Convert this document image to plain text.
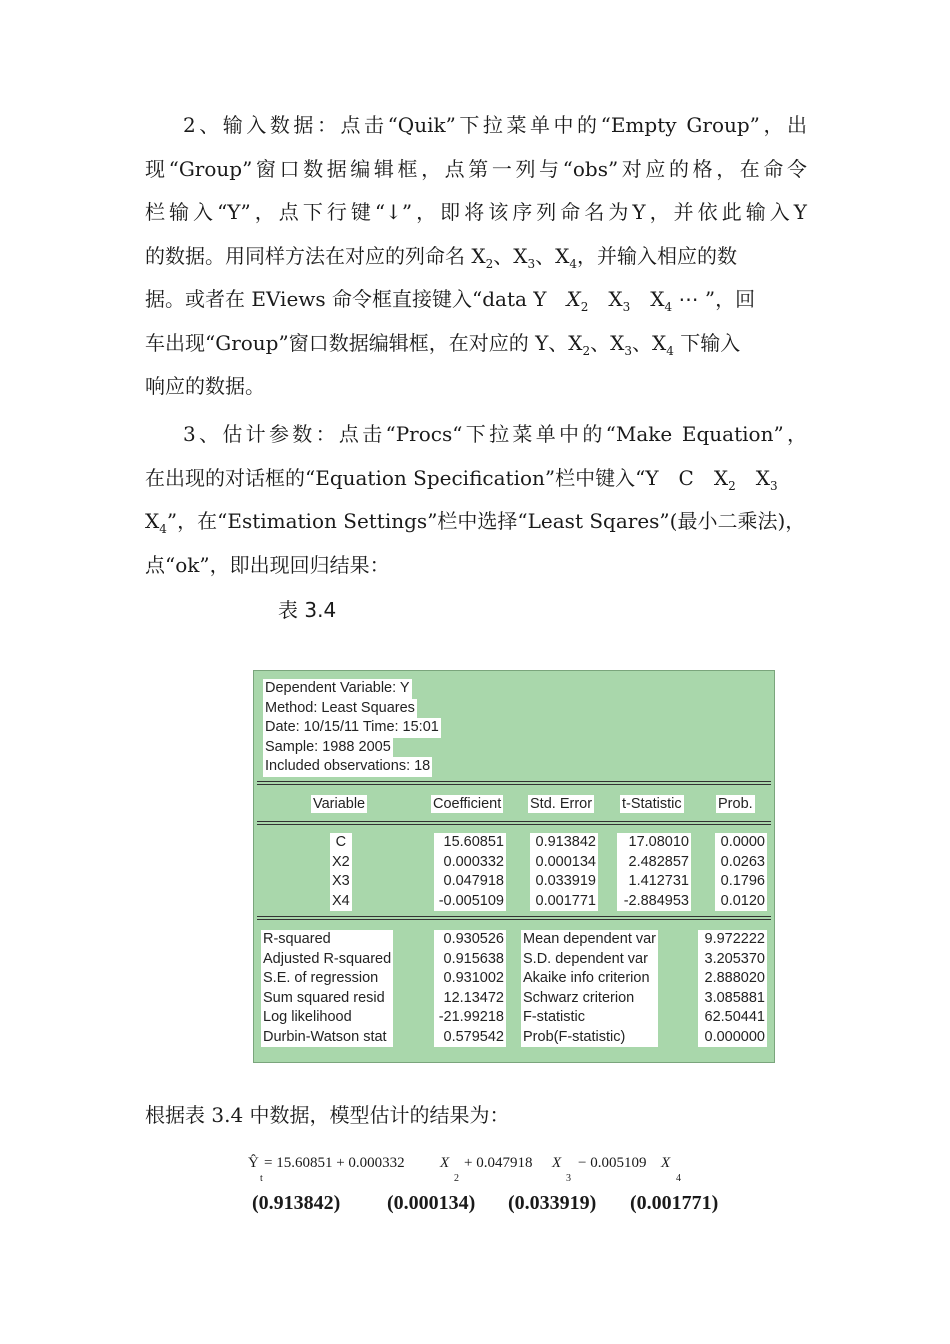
2、输入数据：点击“Quik”下拉菜单中的“Empty Group”，出
现“Group”窗口数据编辑框，点第一列与“obs”对应的格，在命令
栏输入“Y”，点下行键“↓”，即将该序列命名为Y，并依此输入Y
的数据。用同样方法在对应的列命名 $X_2$、$X_3$、$X_4$，并输入相应的数
据。或者在 EViews 命令框直接键入“data Y　$X_2$　$X_3$　$X_4$ ⋯ ”，回
车出现“Group”窗口数据编辑框，在对应的 Y、$X_2$、$X_3$、$X_4$ 下输入
响应的数据。
3、估计参数：点击“Procs“下拉菜单中的“Make Equation”，
在出现的对话框的“Equation Specification”栏中键入“Y　C　$X_2$　$X_3$
$X_4$”，在“Estimation Settings”栏中选择“Least Sqares”(最小二乘法)，
点“ok”，即出现回归结果：
表 3.4
Dependent Variable: Y
Method: Least Squares
Date: 10/15/11 Time: 15:01
Sample: 1988 2005
Included observations: 18
Variable	Coefficient Std. Error t-Statistic	Prob.
C
X2
X3
X4
15.60851
0.000332
0.047918
-0.005109
0.913842
0.000134
0.033919
0.001771
17.08010
2.482857
1.412731
-2.884953
0.0000
0.0263
0.1796
0.0120
R-squared
Adjusted R-squared
S.E. of regression
Sum squared resid
Log likelihood
Durbin-Watson stat
0.930526
0.915638
0.931002
12.13472
-21.99218
0.579542
Mean dependent var
S.D. dependent var
Akaike info criterion
Schwarz criterion
F-statistic
Prob(F-statistic)
9.972222
3.205370
2.888020
3.085881
62.50441
0.000000
根据表 3.4 中数据，模型估计的结果为：
Ŷ
t
= 15.60851 + 0.000332 X
2
+ 0.047918 X
3
− 0.005109 X
4
(0.913842) (0.000134) (0.033919) (0.001771)
